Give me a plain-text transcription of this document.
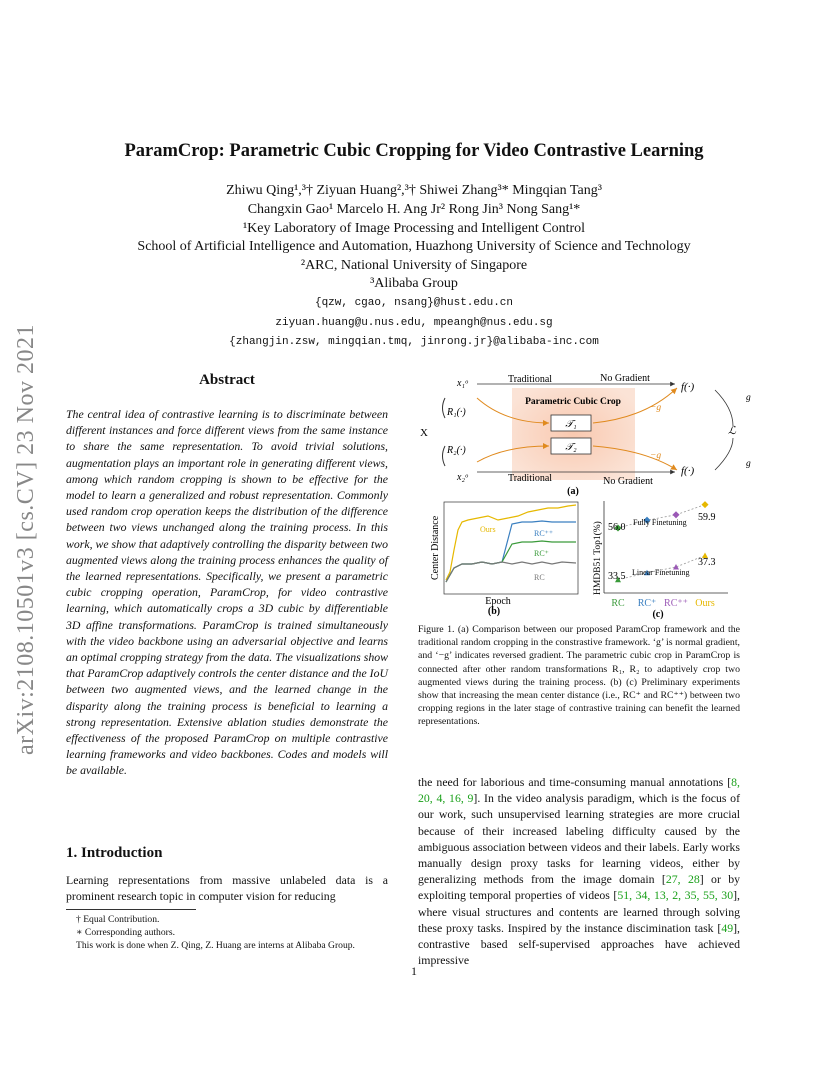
arXiv:2108.10501v3 [cs.CV] 23 Nov 2021
ParamCrop: Parametric Cubic Cropping for Video Contrastive Learning
Zhiwu Qing¹,³† Ziyuan Huang²,³† Shiwei Zhang³* Mingqian Tang³
Changxin Gao¹ Marcelo H. Ang Jr² Rong Jin³ Nong Sang¹*
¹Key Laboratory of Image Processing and Intelligent Control
School of Artificial Intelligence and Automation, Huazhong University of Science and Technology
²ARC, National University of Singapore
³Alibaba Group
{qzw, cgao, nsang}@hust.edu.cn
ziyuan.huang@u.nus.edu, mpeangh@nus.edu.sg
{zhangjin.zsw, mingqian.tmq, jinrong.jr}@alibaba-inc.com
Abstract
The central idea of contrastive learning is to discriminate between different instances and force different views from the same instance to share the same representation. To avoid trivial solutions, augmentation plays an important role in generating different views, among which random cropping is shown to be effective for the model to learn a generalized and robust representation. Commonly used random crop operation keeps the distribution of the difference between two views unchanged along the training process. In this work, we show that adaptively controlling the disparity between two augmented views along the training process enhances the quality of the learned representations. Specifically, we present a parametric cubic cropping operation, ParamCrop, for video contrastive learning, which automatically crops a 3D cubic by differentiable 3D affine transformations. ParamCrop is trained simultaneously with the video backbone using an adversarial objective and learns an optimal cropping strategy from the data. The visualizations show that ParamCrop adaptively controls the center distance and the IoU between two augmented views, and the learned change in the disparity along the training process is beneficial to learning a strong representation. Extensive ablation studies demonstrate the effectiveness of the proposed ParamCrop on multiple contrastive learning frameworks and video backbones. Codes and models will be available.
1. Introduction
Learning representations from massive unlabeled data is a prominent research topic in computer vision for reducing
† Equal Contribution.
∗ Corresponding authors.
This work is done when Z. Qing, Z. Huang are interns at Alibaba Group.
Parametric Cubic Crop
𝒯₁
𝒯₂
X
R₁(·)
R₂(·)
x₁ᵒ
x₂ᵒ
Traditional	No Gradient
Traditional	No Gradient
−g
−g
f(·)
f(·)
ℒ
g
g
(a)
Ours	RC⁺⁺
RC⁺
RC
Center Distance
Epoch
(b)
HMDB51 Top1(%) 56.0
59.9
Fully Finetuning
33.5
37.3
Linear Finetuning
RC RC⁺ RC⁺⁺ Ours
(c)
Figure 1. (a) Comparison between our proposed ParamCrop framework and the traditional random cropping in the constrastive framework. ‘g’ is normal gradient, and ‘−g’ indicates reversed gradient. The parametric cubic crop in ParamCrop is connected after other random transformations R₁, R₂ to adaptively crop two augmented views during the training process. (b) (c) Preliminary experiments show that increasing the mean center distance (i.e., RC⁺ and RC⁺⁺) between two cropping regions in the later stage of contrastive training can benefit the learned representations.
the need for laborious and time-consuming manual annotations [8, 20, 4, 16, 9]. In the video analysis paradigm, which is the focus of our work, such unsupervised learning strategies are more crucial because of their increased labeling difficulty caused by the ambiguous association between videos and their labels. Early works manually design proxy tasks for learning videos, either by generalizing methods from the image domain [27, 28] or by exploiting temporal properties of videos [51, 34, 13, 2, 35, 55, 30], where visual structures and contents are learned through solving these proxy tasks. Inspired by the instance discimination task [49], contrastive based self-supervised approaches have achieved impressive
1
